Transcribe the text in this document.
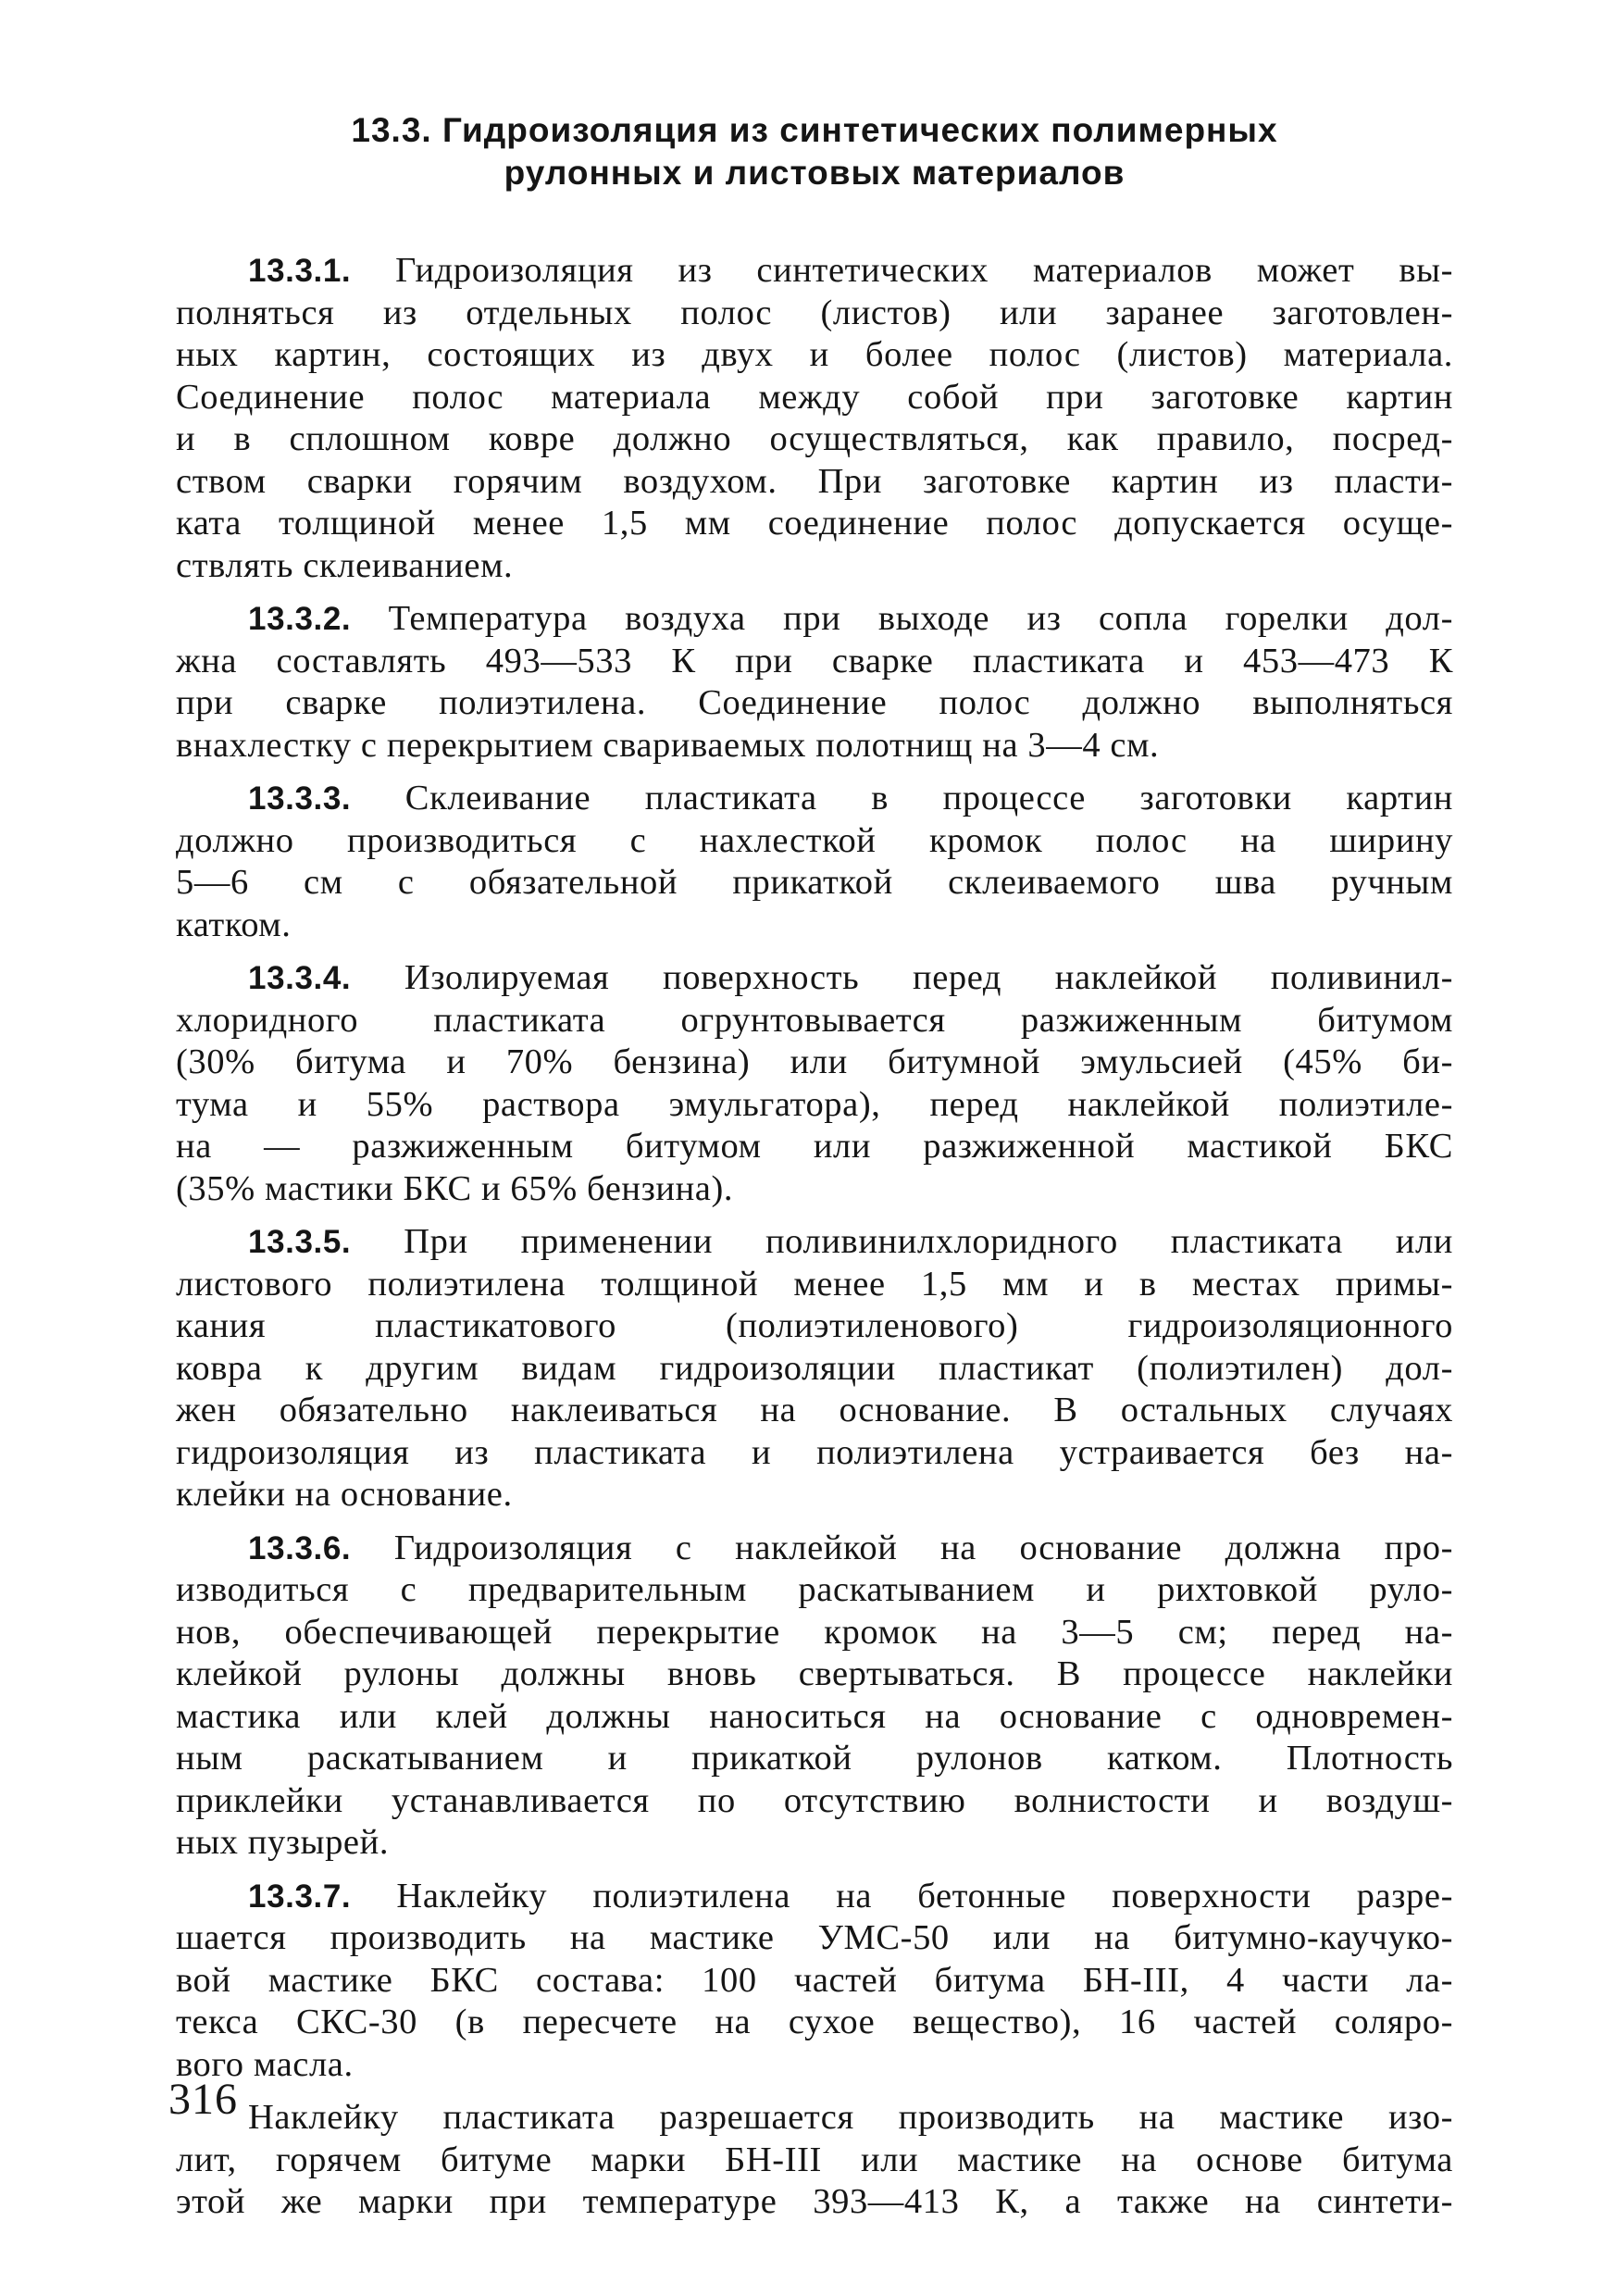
13.3. Гидроизоляция из синтетических полимерных
рулонных и листовых материалов
13.3.1. Гидроизоляция из синтетических материалов может вы-
полняться из отдельных полос (листов) или заранее заготовлен-
ных картин, состоящих из двух и более полос (листов) материала.
Соединение полос материала между собой при заготовке картин
и в сплошном ковре должно осуществляться, как правило, посред-
ством сварки горячим воздухом. При заготовке картин из пласти-
ката толщиной менее 1,5 мм соединение полос допускается осуще-
ствлять склеиванием.
13.3.2. Температура воздуха при выходе из сопла горелки дол-
жна составлять 493—533 К при сварке пластиката и 453—473 К
при сварке полиэтилена. Соединение полос должно выполняться
внахлестку с перекрытием свариваемых полотнищ на 3—4 см.
13.3.3. Склеивание пластиката в процессе заготовки картин
должно производиться с нахлесткой кромок полос на ширину
5—6 см с обязательной прикаткой склеиваемого шва ручным
катком.
13.3.4. Изолируемая поверхность перед наклейкой поливинил-
хлоридного пластиката огрунтовывается разжиженным битумом
(30% битума и 70% бензина) или битумной эмульсией (45% би-
тума и 55% раствора эмульгатора), перед наклейкой полиэтиле-
на — разжиженным битумом или разжиженной мастикой БКС
(35% мастики БКС и 65% бензина).
13.3.5. При применении поливинилхлоридного пластиката или
листового полиэтилена толщиной менее 1,5 мм и в местах примы-
кания пластикатового (полиэтиленового) гидроизоляционного
ковра к другим видам гидроизоляции пластикат (полиэтилен) дол-
жен обязательно наклеиваться на основание. В остальных случаях
гидроизоляция из пластиката и полиэтилена устраивается без на-
клейки на основание.
13.3.6. Гидроизоляция с наклейкой на основание должна про-
изводиться с предварительным раскатыванием и рихтовкой руло-
нов, обеспечивающей перекрытие кромок на 3—5 см; перед на-
клейкой рулоны должны вновь свертываться. В процессе наклейки
мастика или клей должны наноситься на основание с одновремен-
ным раскатыванием и прикаткой рулонов катком. Плотность
приклейки устанавливается по отсутствию волнистости и воздуш-
ных пузырей.
13.3.7. Наклейку полиэтилена на бетонные поверхности разре-
шается производить на мастике УМС-50 или на битумно-каучуко-
вой мастике БКС состава: 100 частей битума БН-III, 4 части ла-
текса СКС-30 (в пересчете на сухое вещество), 16 частей соляро-
вого масла.
Наклейку пластиката разрешается производить на мастике изо-
лит, горячем битуме марки БН-III или мастике на основе битума
этой же марки при температуре 393—413 К, а также на синтети-
316
